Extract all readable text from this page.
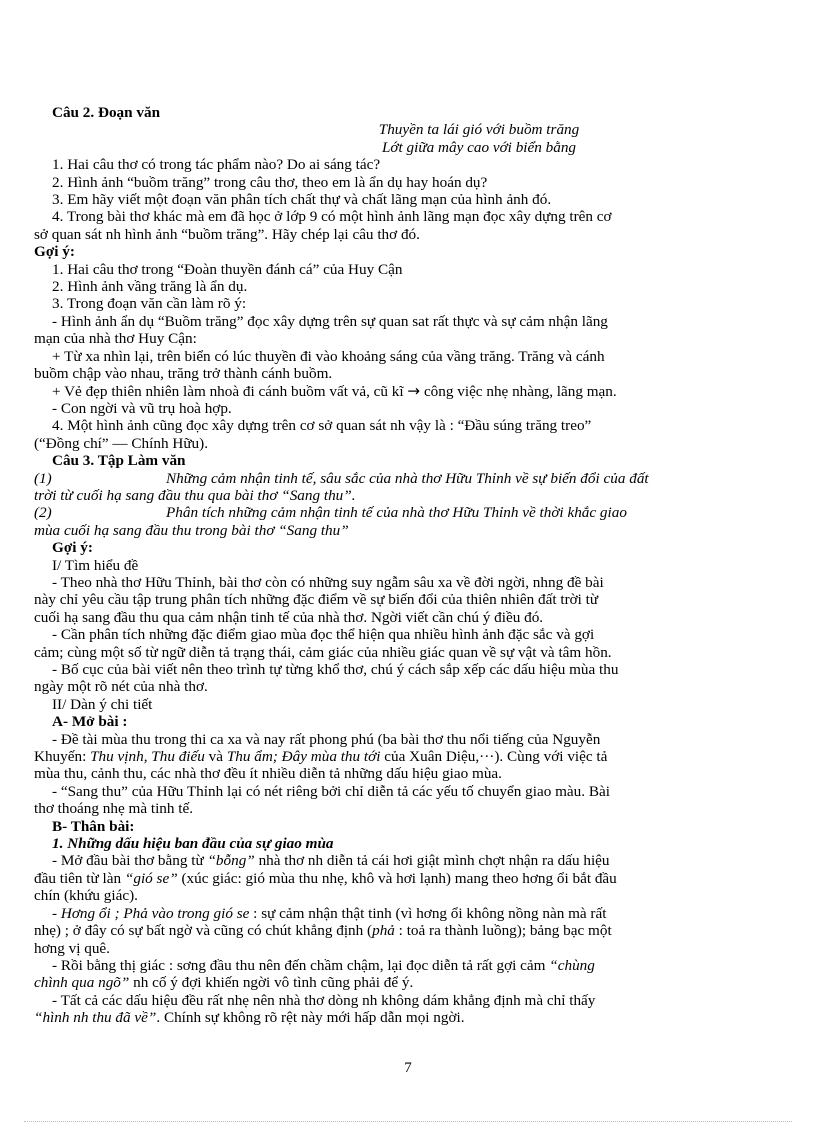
Câu 2. Đoạn văn
Thuyền ta lái gió với buồm trăng
Lớt giữa mây cao với biển bằng
1. Hai câu thơ có trong tác phẩm nào? Do ai sáng tác?
2. Hình ảnh “buồm trăng” trong câu thơ, theo em là ẩn dụ hay hoán dụ?
3. Em hãy viết một đoạn văn phân tích chất thự và chất lãng mạn của hình ảnh đó.
4. Trong bài thơ khác mà em đã học ở lớp 9 có một hình ảnh lãng mạn đọc xây dựng trên cơ
sở quan sát nh hình ảnh “buồm trăng”. Hãy chép lại câu thơ đó.
Gợi ý:
1. Hai câu thơ trong “Đoàn thuyền đánh cá” của Huy Cận
2. Hình ảnh vầng trăng là ẩn dụ.
3. Trong đoạn văn cần làm rõ ý:
- Hình ảnh ẩn dụ “Buồm trăng” đọc xây dựng trên sự quan sat rất thực và sự cảm nhận lãng
mạn của nhà thơ Huy Cận:
+ Từ xa nhìn lại, trên biển có lúc thuyền đi vào khoảng sáng của vầng trăng. Trăng và cánh
buồm chập vào nhau, trăng trở thành cánh buồm.
+ Vẻ đẹp thiên nhiên làm nhoà đi cánh buồm vất vả, cũ kĩ → công việc nhẹ nhàng, lãng mạn.
- Con ngời và vũ trụ hoà hợp.
4. Một hình ảnh cũng đọc xây dựng trên cơ sở quan sát nh vậy là : “Đầu súng trăng treo”
(“Đồng chí” — Chính Hữu).
Câu 3. Tập Làm văn
(1)	Những cảm nhận tinh tế, sâu sắc của nhà thơ Hữu Thỉnh về sự biến đổi của đất
trời từ cuối hạ sang đầu thu qua bài thơ “Sang thu”.
(2)	Phân tích những cảm nhận tinh tế của nhà thơ Hữu Thỉnh về thời khắc giao
mùa cuối hạ sang đầu thu trong bài thơ “Sang thu”
Gợi ý:
I/ Tìm hiểu đề
- Theo nhà thơ Hữu Thỉnh, bài thơ còn có những suy ngẫm sâu xa về đời ngời, nhng đề bài
này chỉ yêu cầu tập trung phân tích những đặc điểm về sự biến đổi của thiên nhiên đất trời từ
cuối hạ sang đầu thu qua cảm nhận tinh tế của nhà thơ. Ngời viết cần chú ý điều đó.
- Cần phân tích những đặc điểm giao mùa đọc thể hiện qua nhiều hình ảnh đặc sắc và gợi
cảm; cùng một số từ ngữ diễn tả trạng thái, cảm giác của nhiều giác quan về sự vật và tâm hồn.
- Bố cục của bài viết nên theo trình tự từng khổ thơ, chú ý cách sắp xếp các dấu hiệu mùa thu
ngày một rõ nét của nhà thơ.
II/ Dàn ý chi tiết
A- Mở bài :
- Đề tài mùa thu trong thi ca xa và nay rất phong phú (ba bài thơ thu nổi tiếng của Nguyễn
Khuyến: Thu vịnh, Thu điếu và Thu ẩm; Đây mùa thu tới của Xuân Diệu,···). Cùng với việc tả
mùa thu, cảnh thu, các nhà thơ đều ít nhiều diễn tả những dấu hiệu giao mùa.
- “Sang thu” của Hữu Thỉnh lại có nét riêng bởi chỉ diễn tả các yếu tố chuyển giao màu. Bài
thơ thoáng nhẹ mà tinh tế.
B- Thân bài:
1. Những dấu hiệu ban đầu của sự giao mùa
- Mở đầu bài thơ bằng từ “bỗng” nhà thơ nh diễn tả cái hơi giật mình chợt nhận ra dấu hiệu
đầu tiên từ làn “gió se” (xúc giác: gió mùa thu nhẹ, khô và hơi lạnh) mang theo hơng ổi bắt đầu
chín (khứu giác).
- Hơng ổi ; Phả vào trong gió se : sự cảm nhận thật tinh (vì hơng ổi không nồng nàn mà rất
nhẹ) ; ở đây có sự bất ngờ và cũng có chút khẳng định (phả : toả ra thành luồng); bảng bạc một
hơng vị quê.
- Rồi bằng thị giác : sơng đầu thu nên đến chầm chậm, lại đọc diễn tả rất gợi cảm “chùng
chình qua ngõ” nh cố ý đợi khiến ngời vô tình cũng phải để ý.
- Tất cả các dấu hiệu đều rất nhẹ nên nhà thơ dòng nh không dám khẳng định mà chỉ thấy
“hình nh thu đã về”. Chính sự không rõ rệt này mới hấp dẫn mọi ngời.
7
